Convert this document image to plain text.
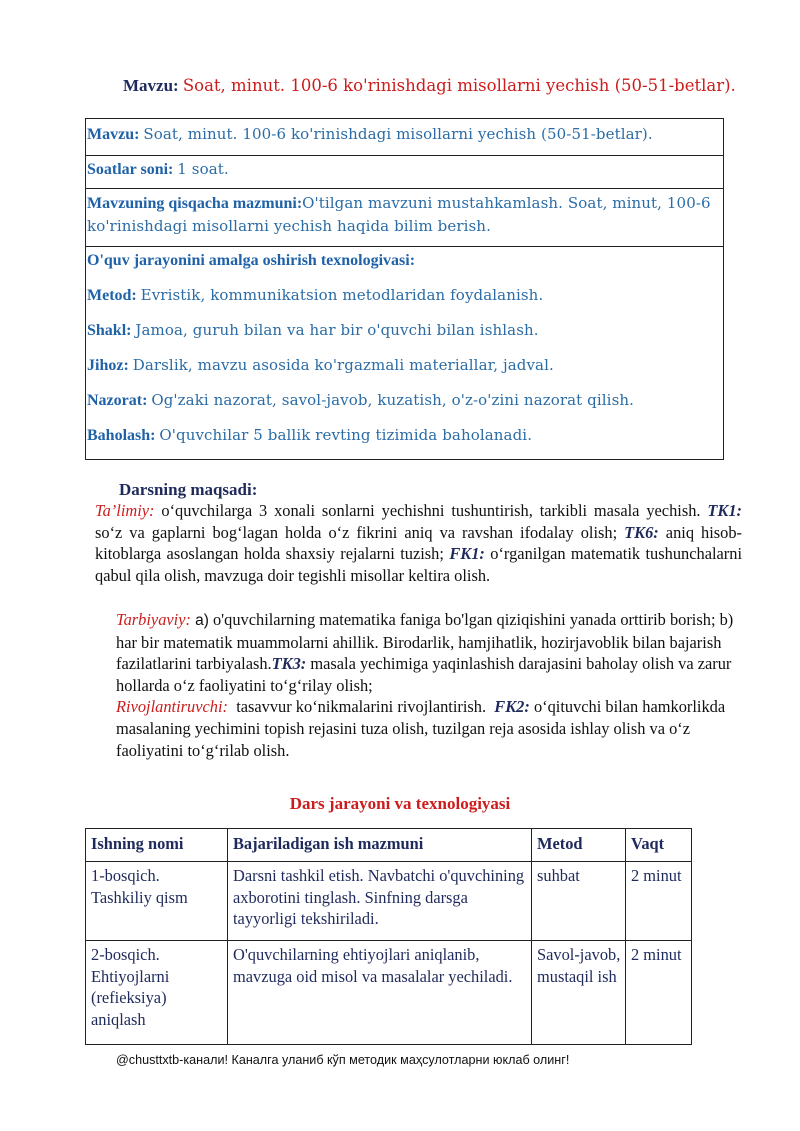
Mavzu: Soat, minut. 100-6 ko'rinishdagi misollarni yechish (50-51-betlar).
Mavzu: Soat, minut. 100-6 ko'rinishdagi misollarni yechish (50-51-betlar).
Soatlar soni: 1 soat.
Mavzuning qisqacha mazmuni:O'tilgan mavzuni mustahkamlash. Soat, minut, 100-6 ko'rinishdagi misollarni yechish haqida bilim berish.

O'quv jarayonini amalga oshirish texnologivasi:

Metod: Evristik, kommunikatsion metodlaridan foydalanish.

Shakl: Jamoa, guruh bilan va har bir o'quvchi bilan ishlash.

Jihoz: Darslik, mavzu asosida ko'rgazmali materiallar, jadval.

Nazorat: Og'zaki nazorat, savol-javob, kuzatish, o'z-o'zini nazorat qilish.

Baholash: O'quvchilar 5 ballik revting tizimida baholanadi.

Darsning maqsadi:
Ta’limiy: o‘quvchilarga 3 xonali sonlarni yechishni tushuntirish, tarkibli masala yechish. TK1: so‘z va gaplarni bog‘lagan holda o‘z fikrini aniq va ravshan ifodalay olish; TK6: aniq hisob-kitoblarga asoslangan holda shaxsiy rejalarni tuzish; FK1: o‘rganilgan matematik tushunchalarni qabul qila olish, mavzuga doir tegishli misollar keltira olish.
Tarbiyaviy: a) o'quvchilarning matematika faniga bo'lgan qiziqishini yanada orttirib borish; b) har bir matematik muammolarni ahillik. Birodarlik, hamjihatlik, hozirjavoblik bilan bajarish fazilatlarini tarbiyalash.TK3: masala yechimiga yaqinlashish darajasini baholay olish va zarur hollarda o‘z faoliyatini to‘g‘rilay olish;
Rivojlantiruvchi: tasavvur ko‘nikmalarini rivojlantirish. FK2: o‘qituvchi bilan hamkorlikda masalaning yechimini topish rejasini tuza olish, tuzilgan reja asosida ishlay olish va o‘z faoliyatini to‘g‘rilab olish.
Dars jarayoni va texnologiyasi
Ishning nomi	Bajariladigan ish mazmuni	Metod	Vaqt

1-bosqich.
Tashkiliy qism	Darsni tashkil etish. Navbatchi o'quvchining axborotini tinglash. Sinfning darsga tayyorligi tekshiriladi.	suhbat	2 minut

2-bosqich.
Ehtiyojlarni (refieksiya) aniqlash	O'quvchilarning ehtiyojlari aniqlanib, mavzuga oid misol va masalalar yechiladi.	Savol-javob, mustaqil ish	2 minut
@chusttxtb-канали! Каналга уланиб кўп методик маҳсулотларни юклаб олинг!
